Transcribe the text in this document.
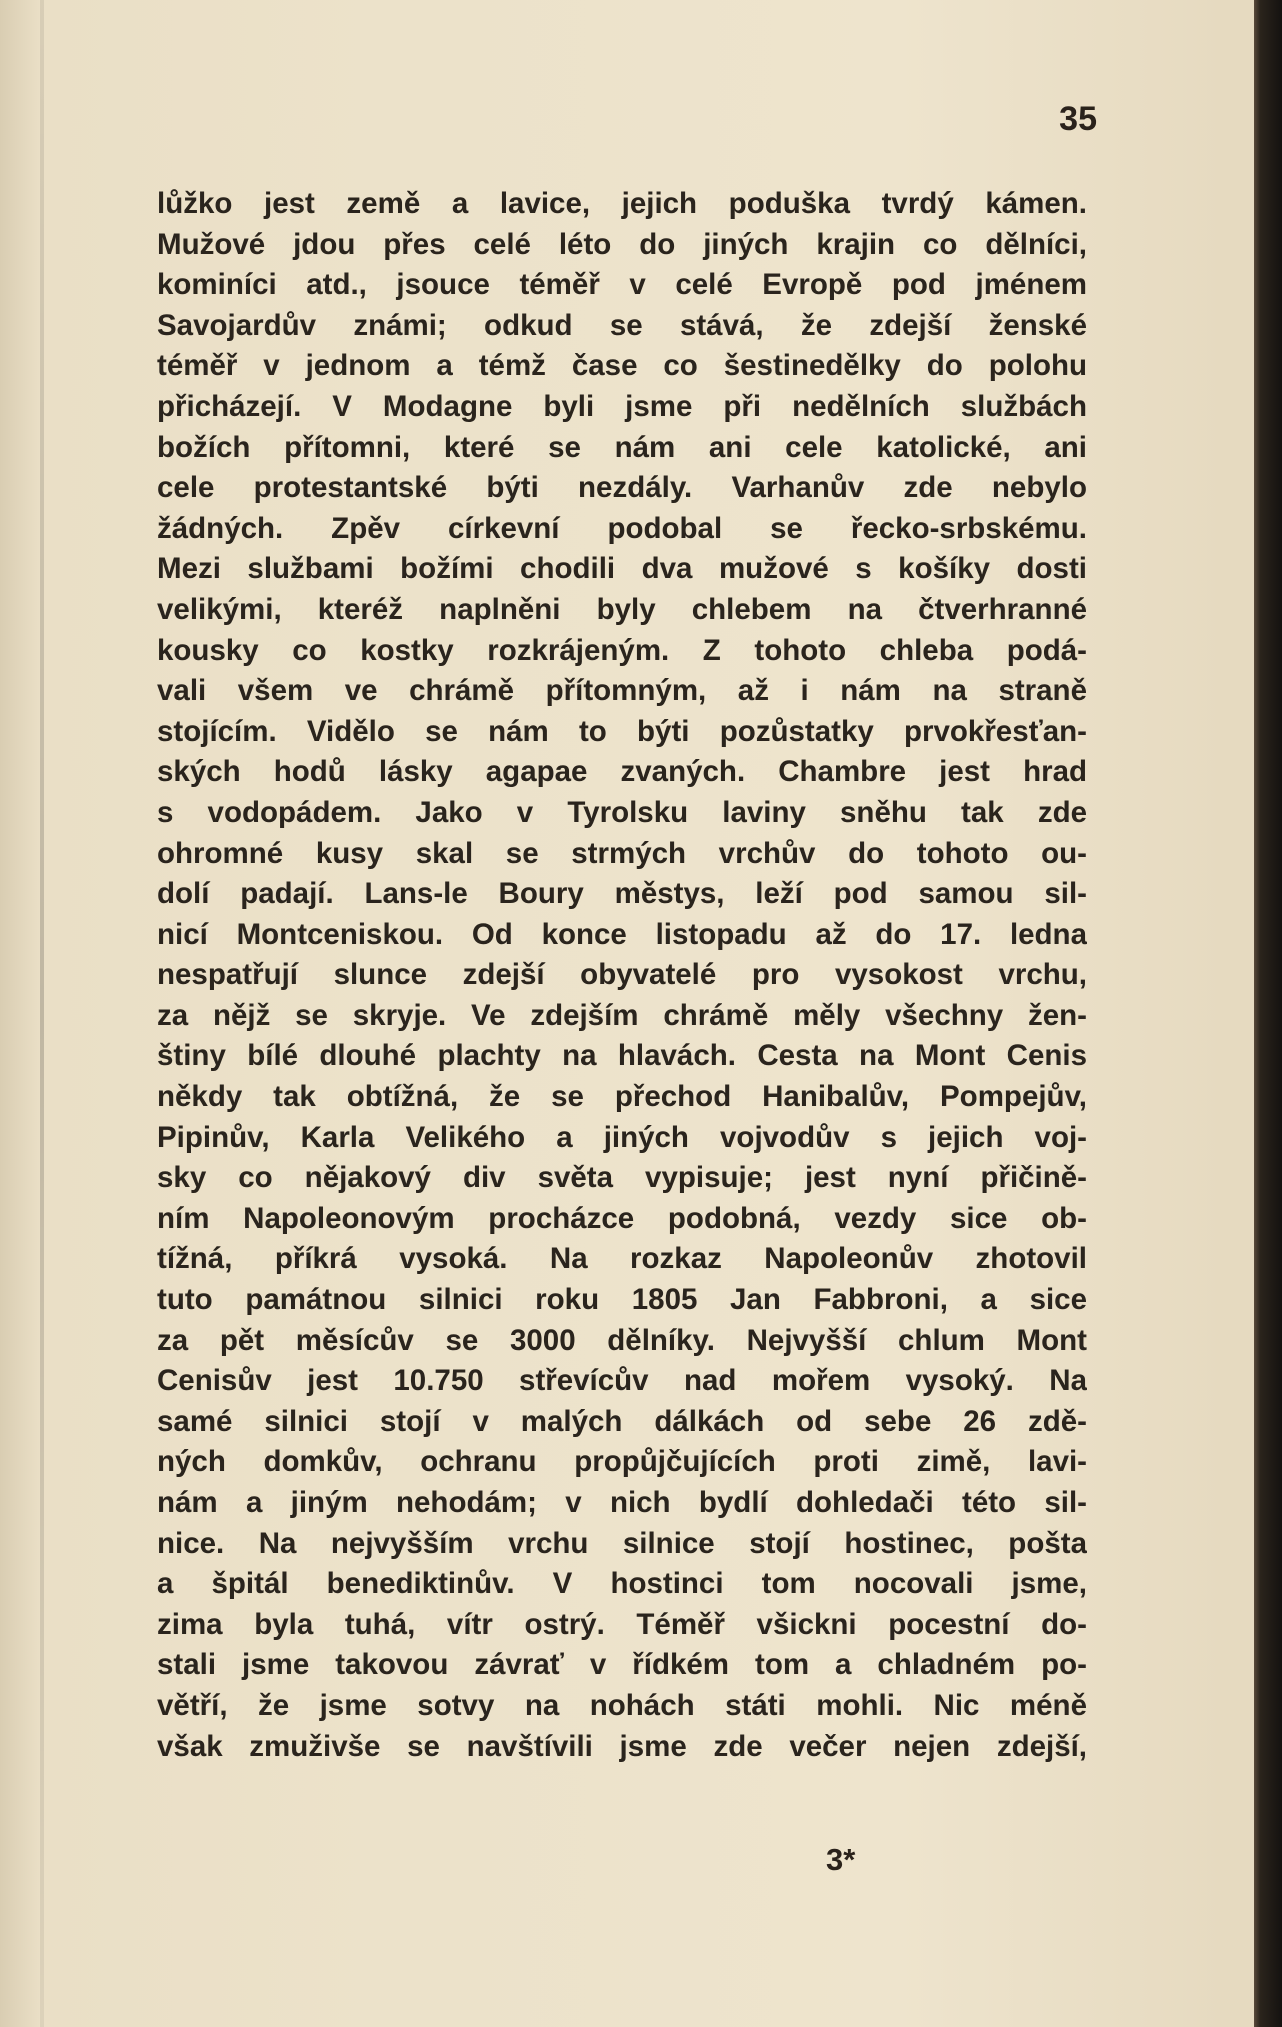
35
lůžko jest země a lavice, jejich poduška tvrdý kámen.
Mužové jdou přes celé léto do jiných krajin co dělníci,
kominíci atd., jsouce téměř v celé Evropě pod jménem
Savojardův známi; odkud se stává, že zdejší ženské
téměř v jednom a témž čase co šestinedělky do polohu
přicházejí. V Modagne byli jsme při nedělních službách
božích přítomni, které se nám ani cele katolické, ani
cele protestantské býti nezdály. Varhanův zde nebylo
žádných. Zpěv církevní podobal se řecko-srbskému.
Mezi službami božími chodili dva mužové s košíky dosti
velikými, kteréž naplněni byly chlebem na čtverhranné
kousky co kostky rozkrájeným. Z tohoto chleba podá-
vali všem ve chrámě přítomným, až i nám na straně
stojícím. Vidělo se nám to býti pozůstatky prvokřesťan-
ských hodů lásky agapae zvaných. Chambre jest hrad
s vodopádem. Jako v Tyrolsku laviny sněhu tak zde
ohromné kusy skal se strmých vrchův do tohoto ou-
dolí padají. Lans-le Boury městys, leží pod samou sil-
nicí Montceniskou. Od konce listopadu až do 17. ledna
nespatřují slunce zdejší obyvatelé pro vysokost vrchu,
za nějž se skryje. Ve zdejším chrámě měly všechny žen-
štiny bílé dlouhé plachty na hlavách. Cesta na Mont Cenis
někdy tak obtížná, že se přechod Hanibalův, Pompejův,
Pipinův, Karla Velikého a jiných vojvodův s jejich voj-
sky co nějakový div světa vypisuje; jest nyní přičině-
ním Napoleonovým procházce podobná, vezdy sice ob-
tížná, příkrá vysoká. Na rozkaz Napoleonův zhotovil
tuto památnou silnici roku 1805 Jan Fabbroni, a sice
za pět měsícův se 3000 dělníky. Nejvyšší chlum Mont
Cenisův jest 10.750 střevícův nad mořem vysoký. Na
samé silnici stojí v malých dálkách od sebe 26 zdě-
ných domkův, ochranu propůjčujících proti zimě, lavi-
nám a jiným nehodám; v nich bydlí dohledači této sil-
nice. Na nejvyšším vrchu silnice stojí hostinec, pošta
a špitál benediktinův. V hostinci tom nocovali jsme,
zima byla tuhá, vítr ostrý. Téměř všickni pocestní do-
stali jsme takovou závrať v řídkém tom a chladném po-
větří, že jsme sotvy na nohách státi mohli. Nic méně
však zmuživše se navštívili jsme zde večer nejen zdejší,
3*
